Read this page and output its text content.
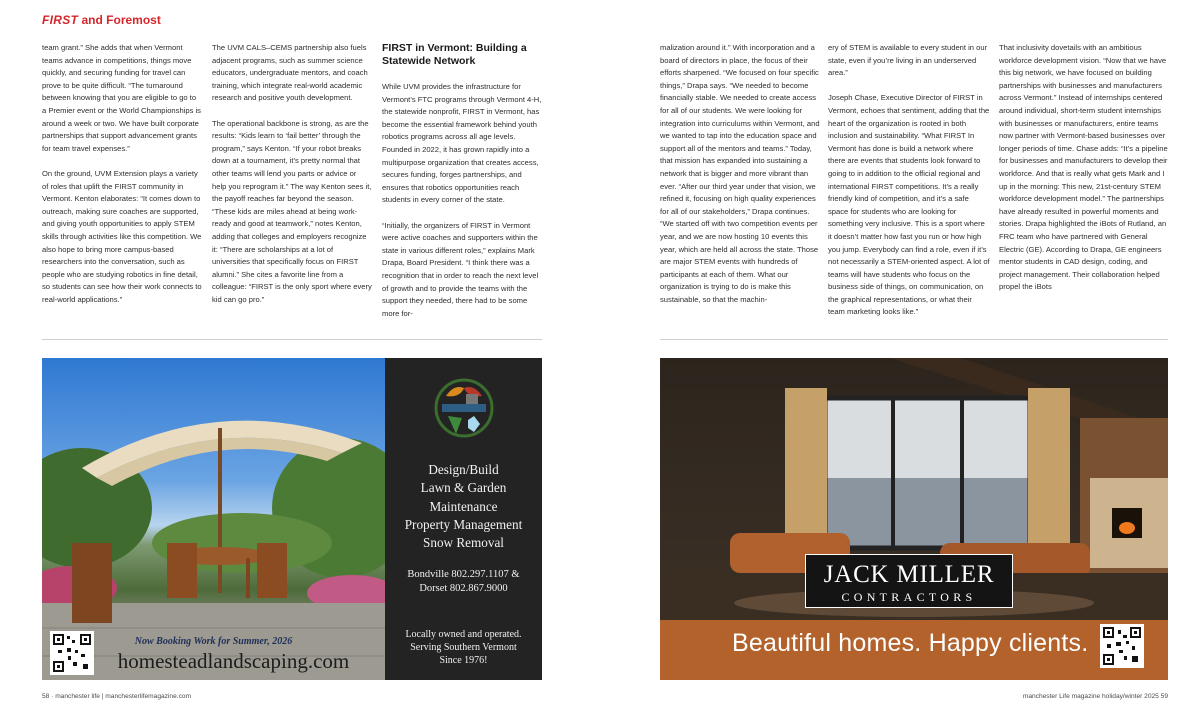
FIRST and Foremost

team grant.” She adds that when Vermont teams advance in competitions, things move quickly, and securing funding for travel can prove to be quite difficult. “The turnaround between knowing that you are eligible to go to a Premier event or the World Championships is around a week or two. We have built corporate partnerships that support advancement grants for team travel expenses.”

On the ground, UVM Extension plays a variety of roles that uplift the FIRST community in Vermont. Kenton elaborates: “It comes down to outreach, making sure coaches are supported, and giving youth opportunities to apply STEM skills through activities like this competition. We also hope to bring more campus-based researchers into the conversation, such as people who are studying robotics in fine detail, so students can see how their work connects to real-world applications.”

The UVM CALS–CEMS partnership also fuels adjacent programs, such as summer science educators, undergraduate mentors, and coach training, which integrate real-world academic research and positive youth development.

The operational backbone is strong, as are the results: “Kids learn to ‘fail better’ through the program,” says Kenton. “If your robot breaks down at a tournament, it’s pretty normal that other teams will lend you parts or advice or help you reprogram it.” The way Kenton sees it, the payoff reaches far beyond the season. “These kids are miles ahead at being work-ready and good at teamwork,” notes Kenton, adding that colleges and employers recognize it: “There are scholarships at a lot of universities that specifically focus on FIRST alumni.” She cites a favorite line from a colleague: “FIRST is the only sport where every kid can go pro.”

FIRST in Vermont: Building a Statewide Network

While UVM provides the infrastructure for Vermont’s FTC programs through Vermont 4-H, the statewide nonprofit, FIRST in Vermont, has become the essential framework behind youth robotics programs across all age levels. Founded in 2022, it has grown rapidly into a multipurpose organization that creates access, secures funding, forges partnerships, and ensures that robotics opportunities reach students in every corner of the state.

“Initially, the organizers of FIRST in Vermont were active coaches and supporters within the state in various different roles,” explains Mark Drapa, Board President. “I think there was a recognition that in order to reach the next level of growth and to provide the teams with the support they needed, there had to be some more for-

Now Booking Work for Summer, 2026
homesteadlandscaping.com
Design/Build
Lawn & Garden
Maintenance
Property Management
Snow Removal
Bondville 802.297.1107 &
Dorset 802.867.9000
Locally owned and operated.
Serving Southern Vermont
Since 1976!
58 · manchester life | manchesterlifemagazine.com

malization around it.” With incorporation and a board of directors in place, the focus of their efforts sharpened. “We focused on four specific things,” Drapa says. “We needed to become financially stable. We needed to create access for all of our students. We were looking for integration into curriculums within Vermont, and we wanted to tap into the education space and support all of the mentors and teams.” Today, that mission has expanded into sustaining a network that is bigger and more vibrant than ever. “After our third year under that vision, we refined it, focusing on high quality experiences for all of our stakeholders,” Drapa continues. “We started off with two competition events per year, and we are now hosting 10 events this year, which are held all across the state. Those are major STEM events with hundreds of participants at each of them. What our organization is trying to do is make this sustainable, so that the machin-

ery of STEM is available to every student in our state, even if you’re living in an underserved area.”

Joseph Chase, Executive Director of FIRST in Vermont, echoes that sentiment, adding that the heart of the organization is rooted in both inclusion and sustainability. “What FIRST In Vermont has done is build a network where there are events that students look forward to going to in addition to the official regional and international FIRST competitions. It’s a really friendly kind of competition, and it’s a safe space for students who are looking for something very inclusive. This is a sport where it doesn’t matter how fast you run or how high you jump. Everybody can find a role, even if it’s not necessarily a STEM-oriented aspect. A lot of teams will have students who focus on the business side of things, on communication, on the graphical representations, or what their team marketing looks like.”

That inclusivity dovetails with an ambitious workforce development vision. “Now that we have this big network, we have focused on building partnerships with businesses and manufacturers across Vermont.” Instead of internships centered around individual, short-term student internships with businesses or manufacturers, entire teams now partner with Vermont-based businesses over longer periods of time. Chase adds: “It’s a pipeline for businesses and manufacturers to develop their workforce. And that is really what gets Mark and I up in the morning: This new, 21st-century STEM workforce development model.” The partnerships have already resulted in powerful moments and stories. Drapa highlighted the iBots of Rutland, an FRC team who have partnered with General Electric (GE). According to Drapa, GE engineers mentor students in CAD design, coding, and project management. Their collaboration helped propel the iBots

JACK MILLER
CONTRACTORS
Beautiful homes. Happy clients.
manchester Life magazine holiday/winter 2025 59
